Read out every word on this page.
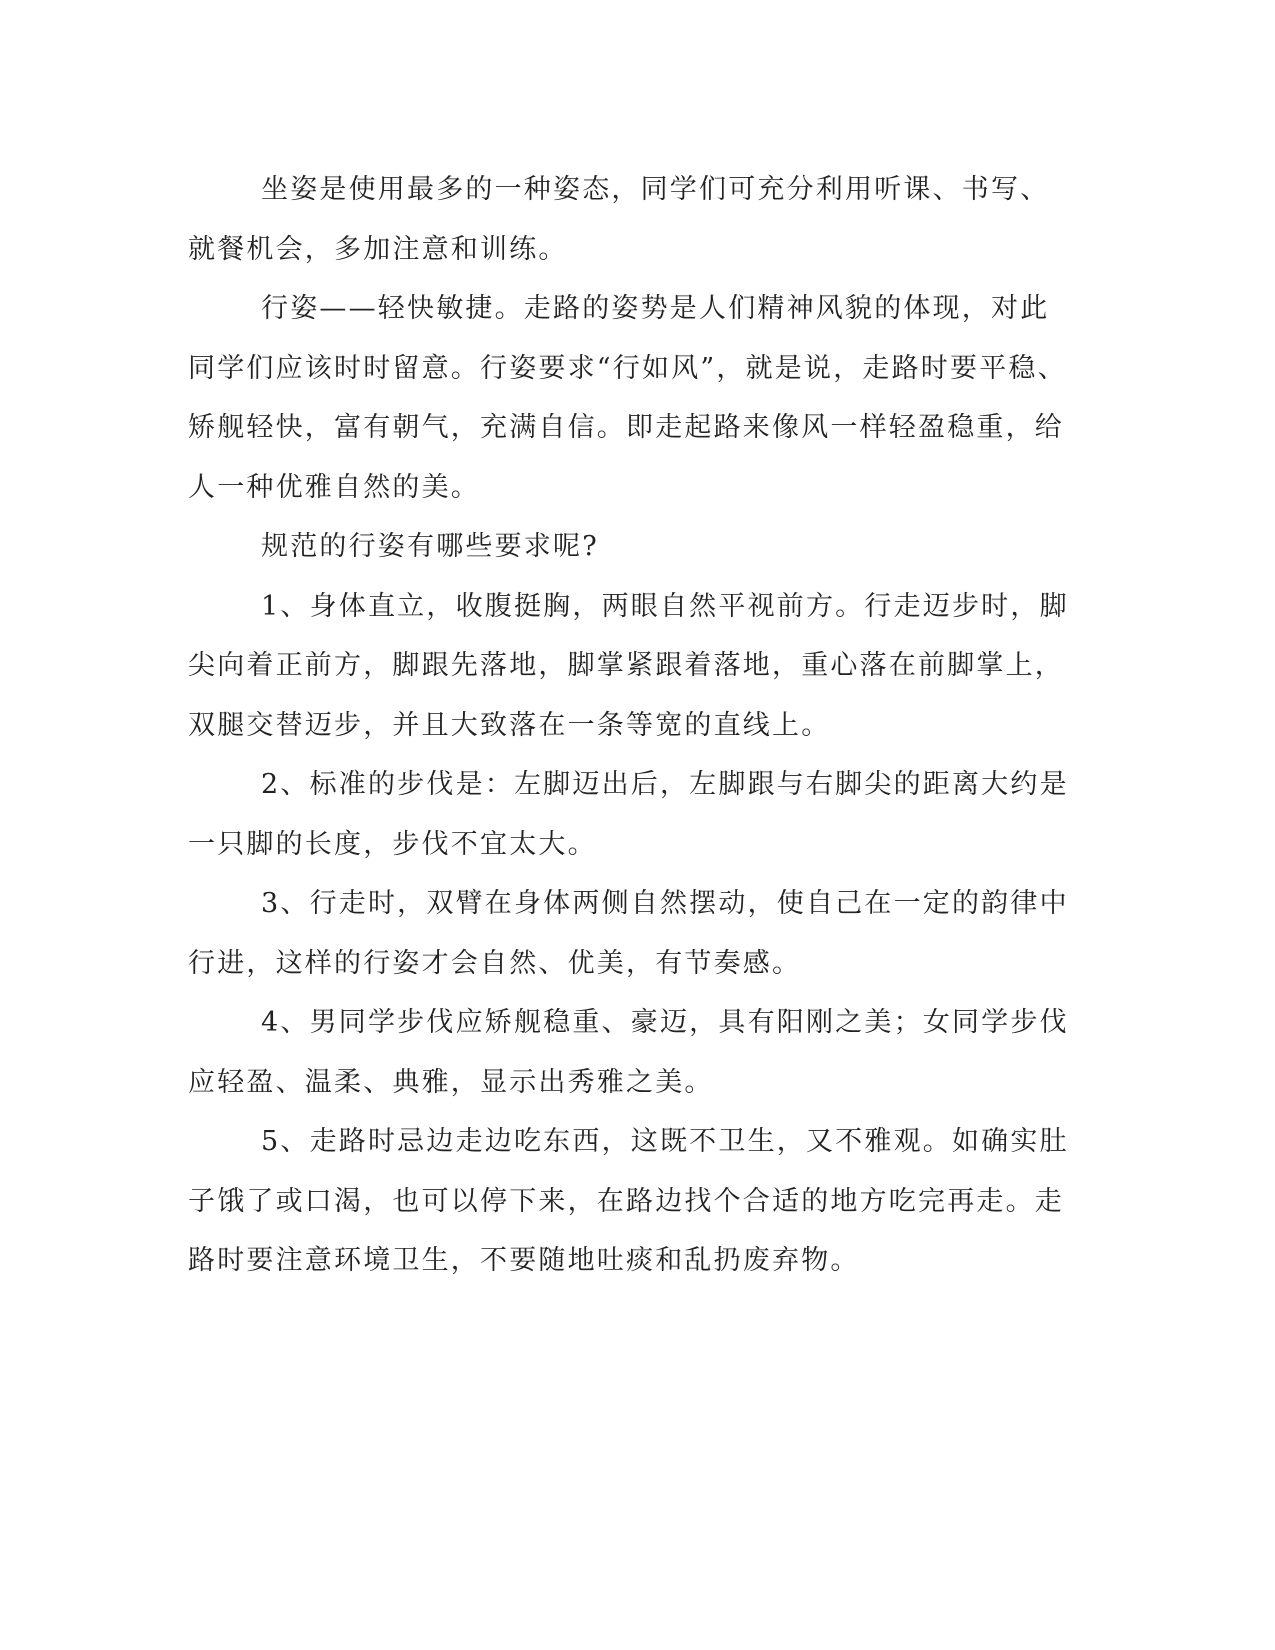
坐姿是使用最多的一种姿态，同学们可充分利用听课、书写、就餐机会，多加注意和训练。

行姿——轻快敏捷。走路的姿势是人们精神风貌的体现，对此同学们应该时时留意。行姿要求“行如风”，就是说，走路时要平稳、矫舰轻快，富有朝气，充满自信。即走起路来像风一样轻盈稳重，给人一种优雅自然的美。

规范的行姿有哪些要求呢?

1、身体直立，收腹挺胸，两眼自然平视前方。行走迈步时，脚尖向着正前方，脚跟先落地，脚掌紧跟着落地，重心落在前脚掌上，双腿交替迈步，并且大致落在一条等宽的直线上。

2、标准的步伐是：左脚迈出后，左脚跟与右脚尖的距离大约是一只脚的长度，步伐不宜太大。

3、行走时，双臂在身体两侧自然摆动，使自己在一定的韵律中行进，这样的行姿才会自然、优美，有节奏感。

4、男同学步伐应矫舰稳重、豪迈，具有阳刚之美；女同学步伐应轻盈、温柔、典雅，显示出秀雅之美。

5、走路时忌边走边吃东西，这既不卫生，又不雅观。如确实肚子饿了或口渴，也可以停下来，在路边找个合适的地方吃完再走。走路时要注意环境卫生，不要随地吐痰和乱扔废弃物。
